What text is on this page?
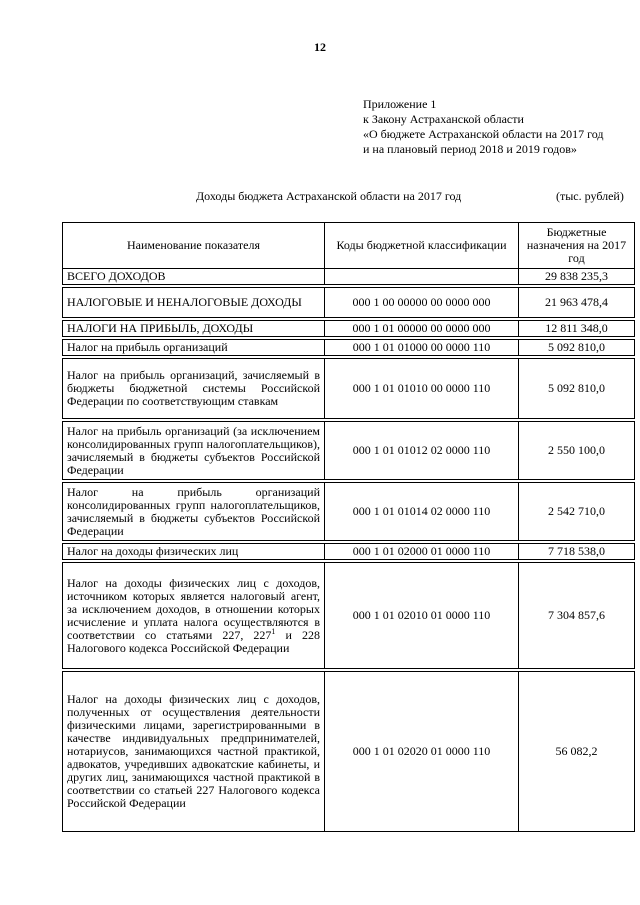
12
Приложение 1
к Закону Астраханской области
«О бюджете Астраханской области на 2017 год
и на плановый период 2018 и 2019 годов»
Доходы бюджета Астраханской области на 2017 год	(тыс. рублей)
Наименование показателя	Коды бюджетной классификации	Бюджетные назначения на 2017 год
ВСЕГО ДОХОДОВ		29 838 235,3

НАЛОГОВЫЕ И НЕНАЛОГОВЫЕ ДОХОДЫ	000 1 00 00000 00 0000 000	21 963 478,4

НАЛОГИ НА ПРИБЫЛЬ, ДОХОДЫ	000 1 01 00000 00 0000 000	12 811 348,0

Налог на прибыль организаций	000 1 01 01000 00 0000 110	5 092 810,0

Налог на прибыль организаций, зачисляемый в бюджеты бюджетной системы Российской Федерации по соответствующим ставкам	000 1 01 01010 00 0000 110	5 092 810,0

Налог на прибыль организаций (за исключением консолидированных групп налогоплательщиков), зачисляемый в бюджеты субъектов Российской Федерации	000 1 01 01012 02 0000 110	2 550 100,0

Налог на прибыль организаций консолидированных групп налогоплательщиков, зачисляемый в бюджеты субъектов Российской Федерации	000 1 01 01014 02 0000 110	2 542 710,0

Налог на доходы физических лиц	000 1 01 02000 01 0000 110	7 718 538,0

Налог на доходы физических лиц с доходов, источником которых является налоговый агент, за исключением доходов, в отношении которых исчисление и уплата налога осуществляются в соответствии со статьями 227, $227^1$ и 228 Налогового кодекса Российской Федерации	000 1 01 02010 01 0000 110	7 304 857,6

Налог на доходы физических лиц с доходов, полученных от осуществления деятельности физическими лицами, зарегистрированными в качестве индивидуальных предпринимателей, нотариусов, занимающихся частной практикой, адвокатов, учредивших адвокатские кабинеты, и других лиц, занимающихся частной практикой в соответствии со статьей 227 Налогового кодекса Российской Федерации	000 1 01 02020 01 0000 110	56 082,2
